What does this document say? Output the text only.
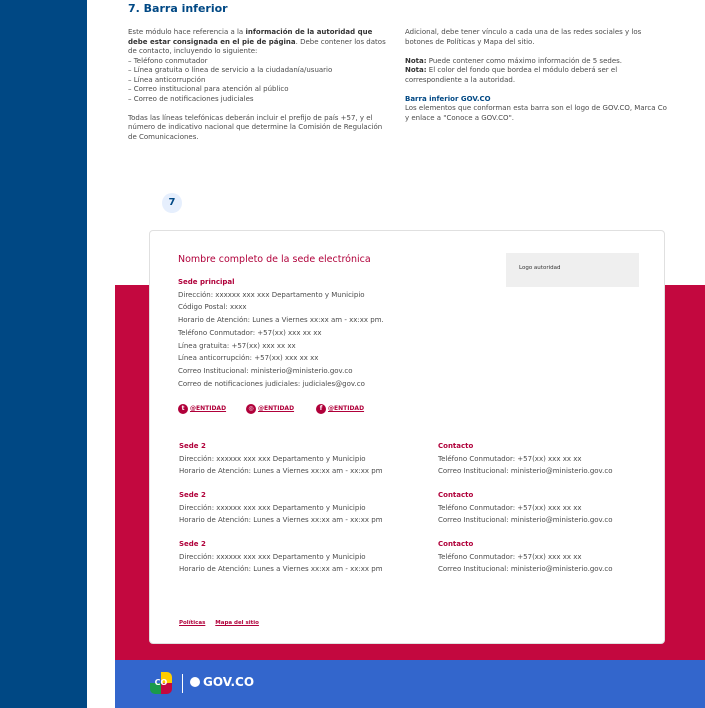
7. Barra inferior
Este módulo hace referencia a la información de la autoridad que debe estar consignada en el pie de página. Debe contener los datos de contacto, incluyendo lo siguiente:
– Teléfono conmutador
– Línea gratuita o línea de servicio a la ciudadanía/usuario
– Línea anticorrupción
– Correo institucional para atención al público
– Correo de notificaciones judiciales
Todas las líneas telefónicas deberán incluir el prefijo de país +57, y el número de indicativo nacional que determine la Comisión de Regulación de Comunicaciones.
Adicional, debe tener vínculo a cada una de las redes sociales y los botones de Políticas y Mapa del sitio.
Nota: Puede contener como máximo información de 5 sedes.
Nota: El color del fondo que bordea el módulo deberá ser el correspondiente a la autoridad.
Barra inferior GOV.CO
Los elementos que conforman esta barra son el logo de GOV.CO, Marca Co y enlace a "Conoce a GOV.CO".
7
Nombre completo de la sede electrónica
Logo autoridad
Sede principal
Dirección: xxxxxx xxx xxx Departamento y Municipio
Código Postal: xxxx
Horario de Atención: Lunes a Viernes xx:xx am - xx:xx pm.
Teléfono Conmutador: +57(xx) xxx xx xx
Línea gratuita: +57(xx) xxx xx xx
Línea anticorrupción: +57(xx) xxx xx xx
Correo Institucional: ministerio@ministerio.gov.co
Correo de notificaciones judiciales: judiciales@gov.co
t @ENTIDAD	◎ @ENTIDAD	f @ENTIDAD
Sede 2
Dirección: xxxxxx xxx xxx Departamento y Municipio
Horario de Atención: Lunes a Viernes xx:xx am - xx:xx pm
Sede 2
Dirección: xxxxxx xxx xxx Departamento y Municipio
Horario de Atención: Lunes a Viernes xx:xx am - xx:xx pm
Sede 2
Dirección: xxxxxx xxx xxx Departamento y Municipio
Horario de Atención: Lunes a Viernes xx:xx am - xx:xx pm
Contacto
Teléfono Conmutador: +57(xx) xxx xx xx
Correo Institucional: ministerio@ministerio.gov.co
Contacto
Teléfono Conmutador: +57(xx) xxx xx xx
Correo Institucional: ministerio@ministerio.gov.co
Contacto
Teléfono Conmutador: +57(xx) xxx xx xx
Correo Institucional: ministerio@ministerio.gov.co
Políticas Mapa del sitio
CO	GOV.CO
